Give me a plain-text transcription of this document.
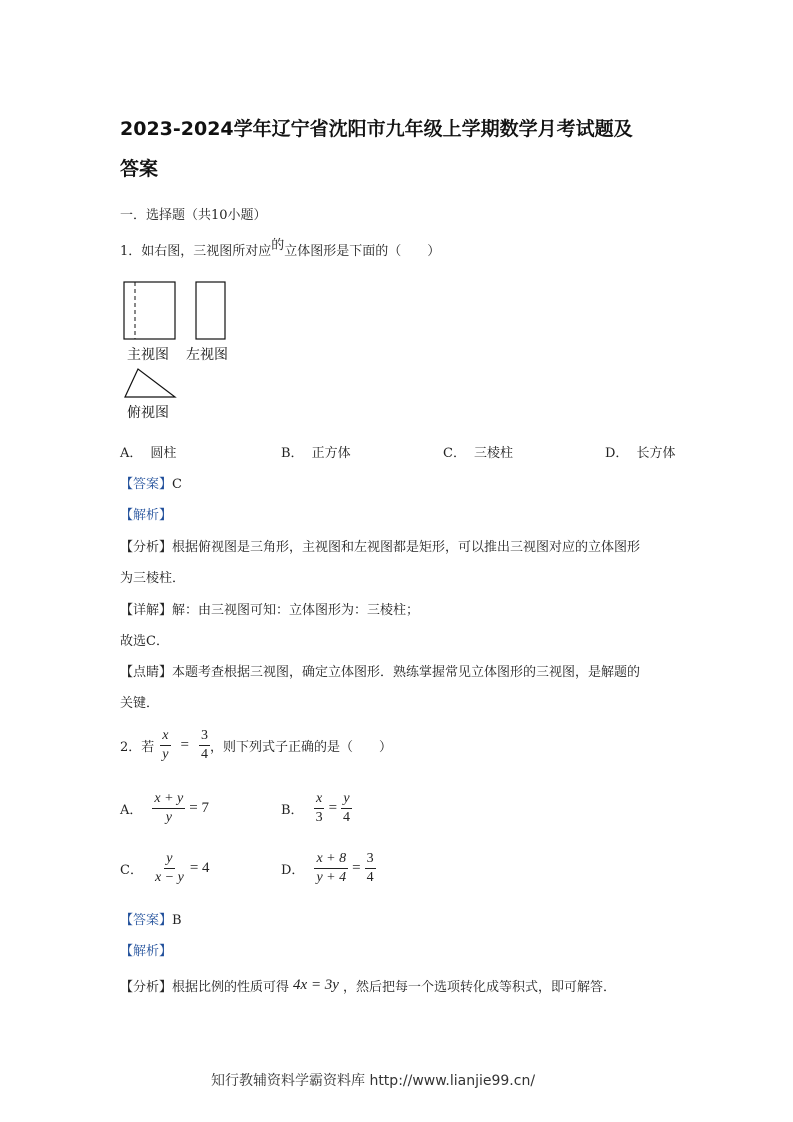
2023-2024学年辽宁省沈阳市九年级上学期数学月考试题及
答案
一．选择题（共10小题）
1．如右图，三视图所对应的立体图形是下面的（　　）
主视图 左视图
俯视图
A． 圆柱	B． 正方体	C． 三棱柱	D． 长方体
【答案】C
【解析】
【分析】根据俯视图是三角形，主视图和左视图都是矩形，可以推出三视图对应的立体图形
为三棱柱．
【详解】解：由三视图可知：立体图形为：三棱柱；
故选C．
【点睛】本题考查根据三视图，确定立体图形．熟练掌握常见立体图形的三视图，是解题的
关键．
2．若 $\frac{x}{y} = \frac{3}{4}$ ，则下列式子正确的是（　　）
A． $\frac{x + y}{y} = 7$	B． $\frac{x}{3} = \frac{y}{4}$
C． $\frac{y}{x - y} = 4$	D． $\frac{x + 8}{y + 4} = \frac{3}{4}$
【答案】B
【解析】
【分析】 根据比例的性质可得 4x = 3y ，然后把每一个选项转化成等积式，即可解答．
知行教辅资料学霸资料库 http://www.lianjie99.cn/
